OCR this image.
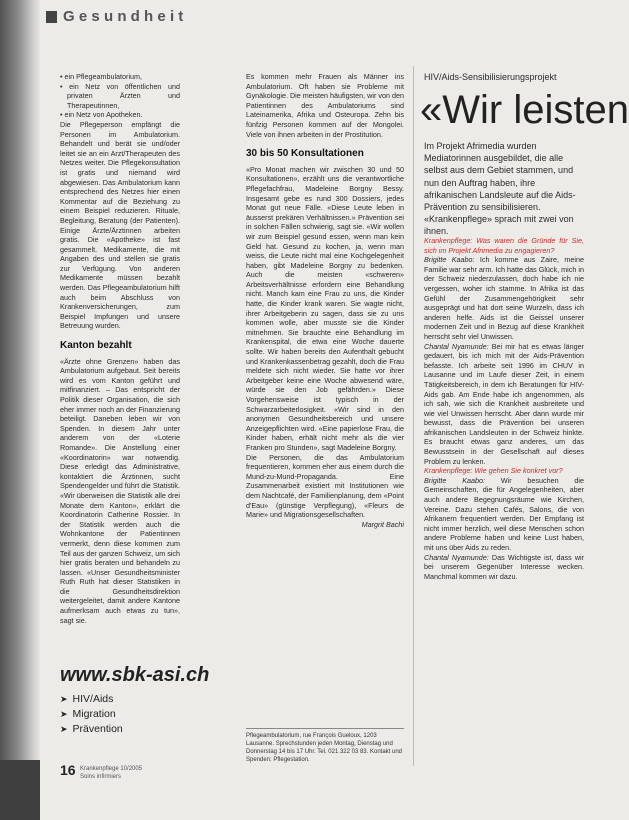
Gesundheit
• ein Pflegeambulatorium,
• ein Netz von öffentlichen und privaten Ärzten und Therapeutinnen,
• ein Netz von Apotheken.

Die Pflegeperson empfängt die Personen im Ambulatorium. Behandelt und berät sie und/oder leitet sie an ein Arzt/Therapeuten des Netzes weiter. Die Pflegekonsultation ist gratis und niemand wird abgewiesen. Das Ambulatorium kann entsprechend des Netzes hier einen Kommentar auf die Beziehung zu einem Beispiel reduzieren. Rituale, Begleitung, Beratung (der Patienten). Einige Ärzte/Ärztinnen arbeiten gratis. Die «Apotheke» ist fast gesammelt. Medikamente, die mit Angaben des und stellen sie gratis zur Verfügung. Von anderen Medikamente müssen bezahlt werden. Das Pflegeambulatorium hilft auch beim Abschluss von Krankenversicherungen, zum Beispiel Impfungen und unsere Betreuung wurden.

Kanton bezahlt

«Ärzte ohne Grenzen» haben das Ambulatorium aufgebaut. Seit bereits wird es vom Kanton geführt und mitfinanziert. – Das entspricht der Politik dieser Organisation, die sich eher immer noch an der Finanzierung beteiligt. Daneben leben wir von Spenden. In diesem Jahr unter anderem von der «Loterie Romande». Die Anstellung einer «Koordinatorin» war notwendig. Diese erledigt das Administrative, kontaktiert die Ärztinnen, sucht Spendengelder und führt die Statistik. «Wir überweisen die Statistik alle drei Monate dem Kanton», erklärt die Koordinatorin Catherine Rossier. In der Statistik werden auch die Wohnkantone der Patientinnen vermerkt, denn diese kommen zum Teil aus der ganzen Schweiz, um sich hier gratis beraten und behandeln zu lassen. «Unser Gesundheitsminister Ruth Ruth hat dieser Statistiken in die Gesundheitsdirektion weitergeleitet, damit andere Kantone aufmerksam auch etwas zu tun», sagt sie.

Es kommen mehr Frauen als Männer ins Ambulatorium. Oft haben sie Probleme mit Gynäkologie. Die meisten häufigsten, wir von den Patientinnen des Ambulatoriums sind Lateinamerika, Afrika und Osteuropa. Zehn bis fünfzig Personen kommen auf der Mongolei. Viele von ihnen arbeiten in der Prostitution.

30 bis 50 Konsultationen

«Pro Monat machen wir zwischen 30 und 50 Konsultationen», erzählt uns die verantwortliche Pflegefachfrau, Madeleine Borgny Bessy. Insgesamt gebe es rund 300 Dossiers, jedes Monat gut neue Fälle. «Diese Leute leben in äusserst prekären Verhältnissen.» Prävention sei in solchen Fällen schwierig, sagt sie. «Wir wollen wir zum Beispiel gesund essen, wenn man kein Geld hat. Gesund zu kochen, ja, wenn man weiss, die Leute nicht mal eine Kochgelegenheit haben, gibt Madeleine Borgny zu bedenken. Auch die meisten «schweren» Arbeitsverhältnisse erfordern eine Behandlung nicht. Manch kam eine Frau zu uns, die Kinder hatte, die Kinder krank waren. Sie wagte nicht, ihrer Arbeitgeberin zu sagen, dass sie zu uns kommen wolle, aber musste sie die Kinder mitnehmen. Sie brauchte eine Behandlung im Krankenspital, die etwa eine Woche dauerte sollte. Wir haben bereits den Aufenthalt gebucht und Krankenkassenbetrag gezahlt, doch die Frau meldete sich nicht wieder. Sie hatte vor ihrer Arbeitgeber keine eine Woche abwesend wäre, würde sie den Job gefährden.» Diese Vorgehensweise ist typisch in der Schwarzarbeiterlosigkeit. «Wir sind in den anonymen Gesundheitsbereich und unsere Anzeigepflichten wird. «Eine papierlose Frau, die Kinder haben, erhält nicht mehr als die vier Franken pro Stunden», sagt Madeleine Borgny.

Die Personen, die das Ambulatorium frequentieren, kommen eher aus einem durch die Mund-zu-Mund-Propaganda. Eine Zusammenarbeit existiert mit Institutionen wie dem Nachtcafé, der Familienplanung, dem «Point d'Eau» (günstige Verpflegung), «Fleurs de Marie» und Migrationsgesellschaften.

Margrit Bachi

Pflegeambulatorium, rue François Gueloux, 1203 Lausanne. Sprechstunden jeden Montag, Dienstag und Donnerstag 14 bis 17 Uhr. Tel. 021 322 03 83. Kontakt und Spenden: Pflegestation.
HIV/Aids-Sensibilisierungsprojekt
«Wir leisten
Im Projekt Afrimedia wurden Mediatorinnen ausgebildet, die alle selbst aus dem Gebiet stammen, und nun den Auftrag haben, ihre afrikanischen Landsleute auf die Aids-Prävention zu sensibilisieren. «Krankenpflege» sprach mit zwei von ihnen.

Krankenpflege: Was waren die Gründe für Sie, sich im Projekt Afrimedia zu engagieren?

Brigitte Kaabo: Ich komme aus Zaire, meine Familie war sehr arm. Ich hatte das Glück, mich in der Schweiz niederzulassen, doch habe ich nie vergessen, woher ich stamme. In Afrika ist das Gefühl der Zusammengehörigkeit sehr ausgeprägt und hat dort seine Wurzeln, dass ich anderen helfe. Aids ist die Geissel unserer modernen Zeit und in Bezug auf diese Krankheit herrscht sehr viel Unwissen.

Chantal Nyamunde: Bei mir hat es etwas länger gedauert, bis ich mich mit der Aids-Prävention befasste. Ich arbeite seit 1996 im CHUV in Lausanne und im Laufe dieser Zeit, in einem Tätigkeitsbereich, in dem ich Beratungen für HIV-Aids gab. Am Ende habe ich angenommen, als ich sah, wie sich die Krankheit ausbreitete und wie viel Unwissen herrscht. Aber dann wurde mir bewusst, dass die Prävention bei unseren afrikanischen Landsleuten in der Schweiz hinkte. Es braucht etwas ganz anderes, um das Bewusstsein in der Gesellschaft auf dieses Problem zu lenken.

Krankenpflege: Wie gehen Sie konkret vor?

Brigitte Kaabo: Wir besuchen die Gemeinschaften, die für Angelegenheiten, aber auch andere Begegnungsräume wie Kirchen, Vereine. Dazu stehen Cafés, Salons, die von Afrikanern frequentiert werden. Der Empfang ist nicht immer herzlich, weil diese Menschen schon andere Probleme haben und keine Lust haben, mit uns über Aids zu reden.

Chantal Nyamunde: Das Wichtigste ist, dass wir bei unserem Gegenüber Interesse wecken. Manchmal kommen wir dazu.

www.sbk-asi.ch
➤ HIV/Aids
➤ Migration
➤ Prävention
16 Krankenpflege 10/2005
Soins infirmiers
